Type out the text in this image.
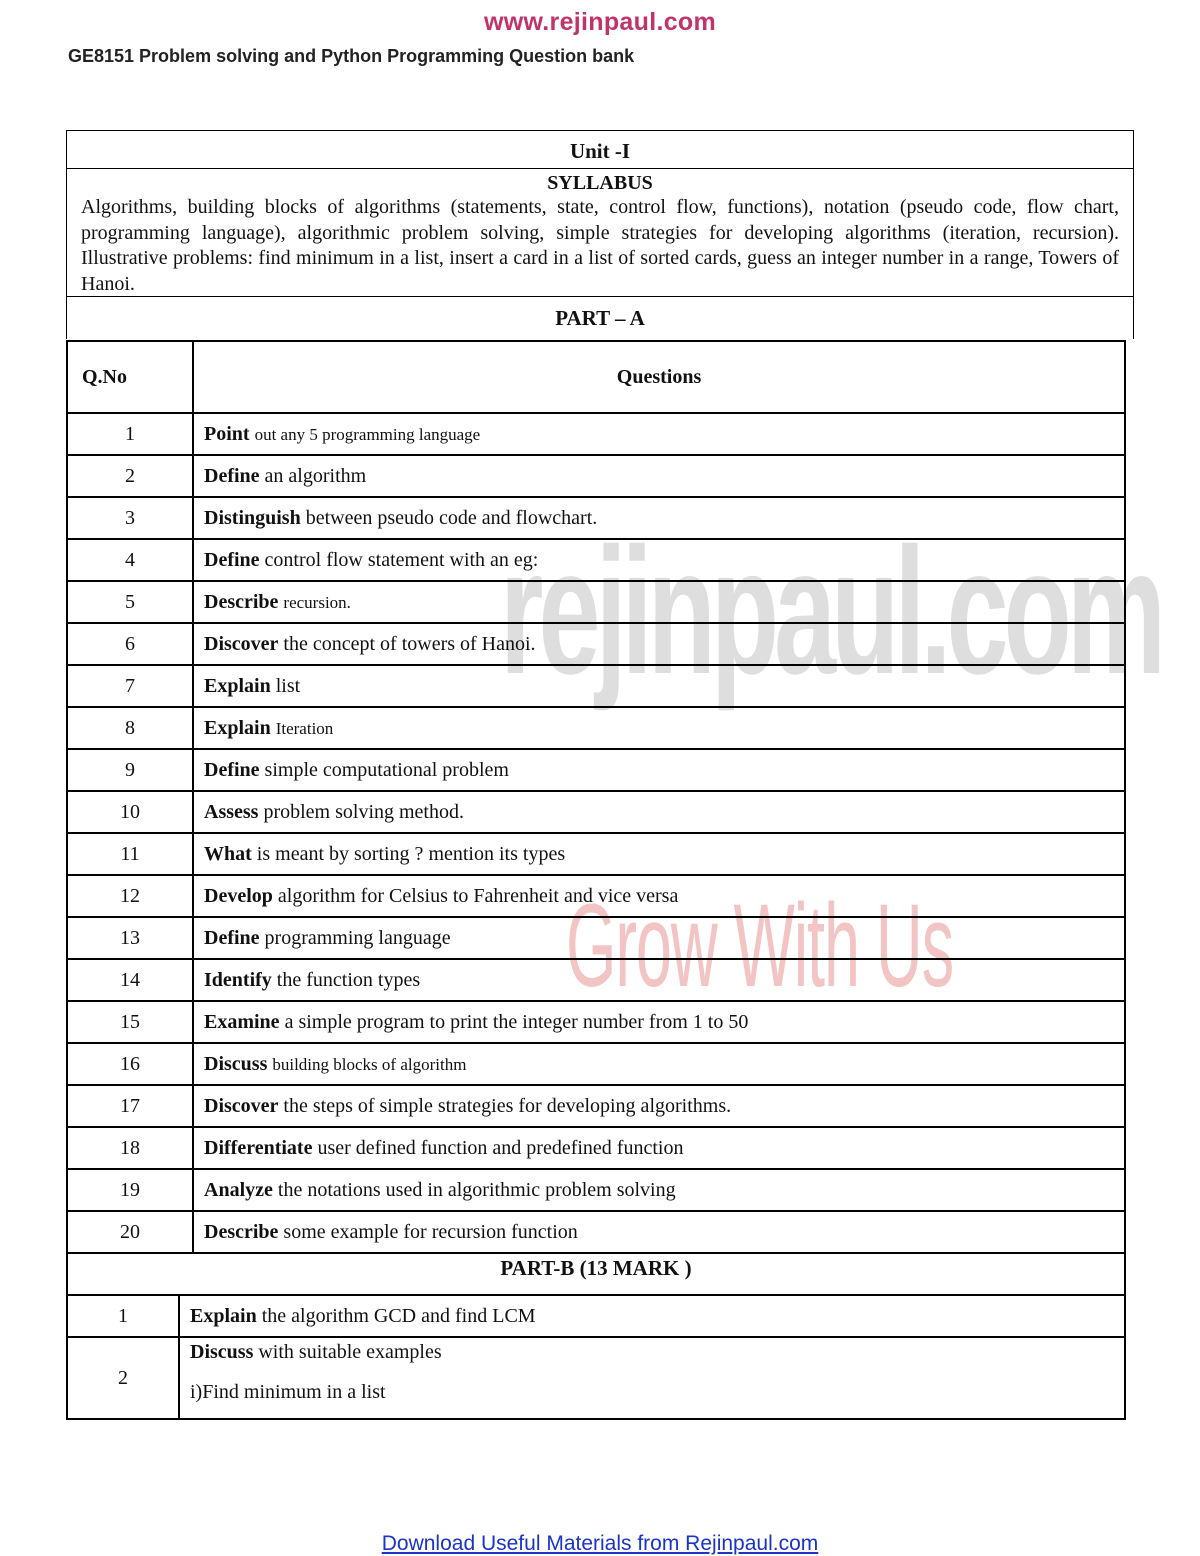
rejinpaul.com
Grow With Us
www.rejinpaul.com
GE8151 Problem solving and Python Programming Question bank
Unit -I
SYLLABUS
Algorithms, building blocks of algorithms (statements, state, control flow, functions), notation (pseudo code, flow chart, programming language), algorithmic problem solving, simple strategies for developing algorithms (iteration, recursion). Illustrative problems: find minimum in a list, insert a card in a list of sorted cards, guess an integer number in a range, Towers of Hanoi.
PART – A
Q.No	Questions
1	Point out any 5 programming language
2	Define an algorithm
3	Distinguish between pseudo code and flowchart.
4	Define control flow statement with an eg:
5	Describe recursion.
6	Discover the concept of towers of Hanoi.
7	Explain list
8	Explain Iteration
9	Define simple computational problem
10	Assess problem solving method.
11	What is meant by sorting ? mention its types
12	Develop algorithm for Celsius to Fahrenheit and vice versa
13	Define programming language
14	Identify the function types
15	Examine a simple program to print the integer number from 1 to 50
16	Discuss building blocks of algorithm
17	Discover the steps of simple strategies for developing algorithms.
18	Differentiate user defined function and predefined function
19	Analyze the notations used in algorithmic problem solving
20	Describe some example for recursion function
PART-B (13 MARK )
1	Explain the algorithm GCD and find LCM
2	Discuss with suitable examples
i)Find minimum in a list
Download Useful Materials from Rejinpaul.com
